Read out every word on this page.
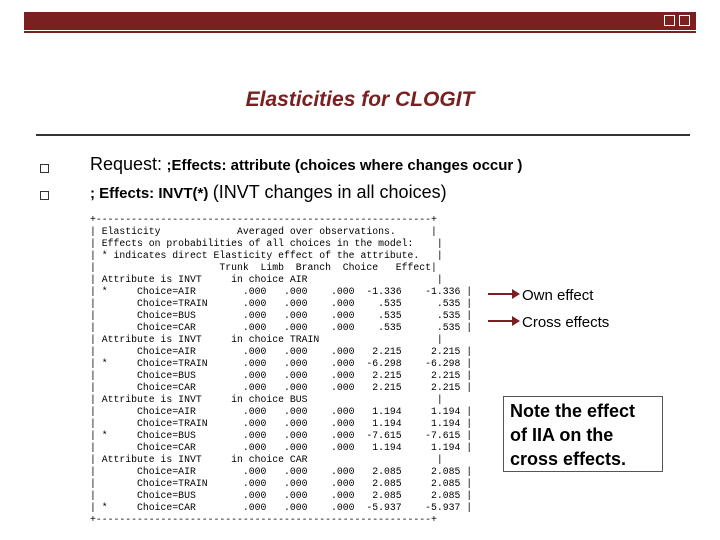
Elasticities for CLOGIT
Request: ;Effects: attribute (choices where changes occur )
; Effects: INVT(*) (INVT changes in all choices)
+---------------------------------------------------------+
| Elasticity             Averaged over observations.      |
| Effects on probabilities of all choices in the model:    |
| * indicates direct Elasticity effect of the attribute.   |
|                     Trunk  Limb  Branch  Choice   Effect|
| Attribute is INVT     in choice AIR                      |
| *     Choice=AIR        .000   .000    .000  -1.336    -1.336 |
|       Choice=TRAIN      .000   .000    .000    .535      .535 |
|       Choice=BUS        .000   .000    .000    .535      .535 |
|       Choice=CAR        .000   .000    .000    .535      .535 |
| Attribute is INVT     in choice TRAIN                    |
|       Choice=AIR        .000   .000    .000   2.215     2.215 |
| *     Choice=TRAIN      .000   .000    .000  -6.298    -6.298 |
|       Choice=BUS        .000   .000    .000   2.215     2.215 |
|       Choice=CAR        .000   .000    .000   2.215     2.215 |
| Attribute is INVT     in choice BUS                      |
|       Choice=AIR        .000   .000    .000   1.194     1.194 |
|       Choice=TRAIN      .000   .000    .000   1.194     1.194 |
| *     Choice=BUS        .000   .000    .000  -7.615    -7.615 |
|       Choice=CAR        .000   .000    .000   1.194     1.194 |
| Attribute is INVT     in choice CAR                      |
|       Choice=AIR        .000   .000    .000   2.085     2.085 |
|       Choice=TRAIN      .000   .000    .000   2.085     2.085 |
|       Choice=BUS        .000   .000    .000   2.085     2.085 |
| *     Choice=CAR        .000   .000    .000  -5.937    -5.937 |
+---------------------------------------------------------+
Own effect
Cross effects
Note the effect
of IIA on the
cross effects.
